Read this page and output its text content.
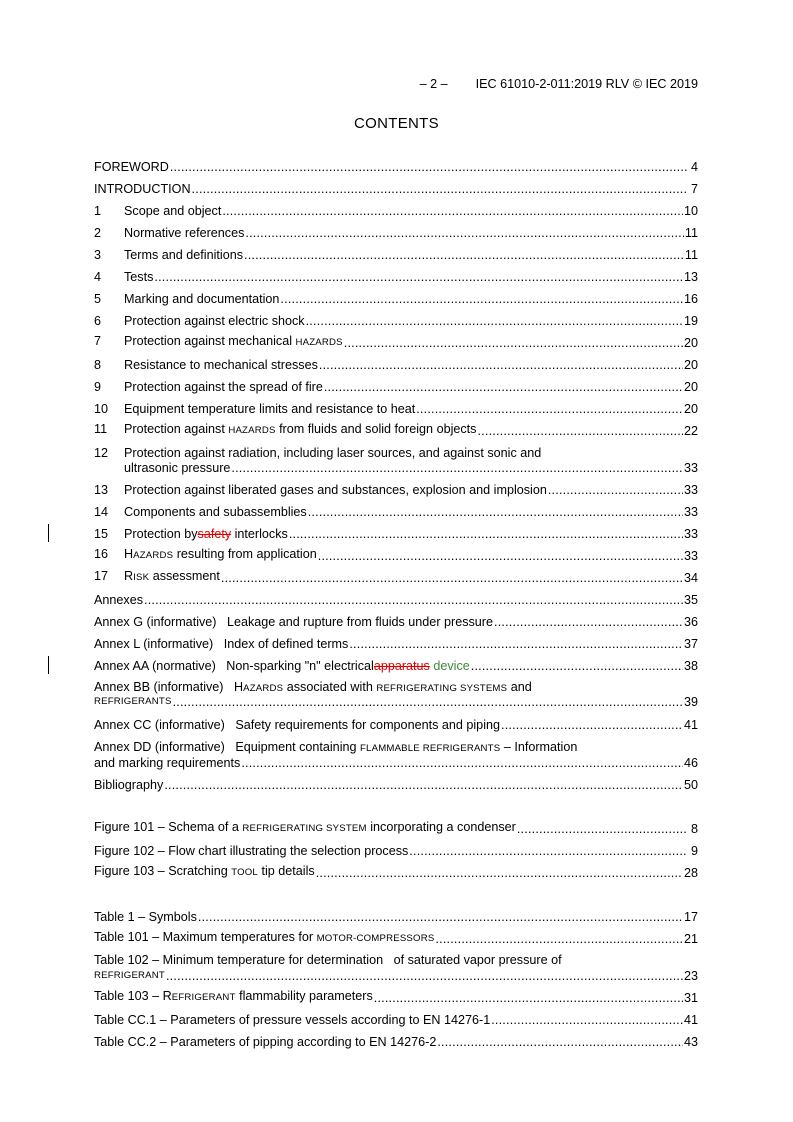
– 2 – IEC 61010-2-011:2019 RLV © IEC 2019
CONTENTS
FOREWORD .....	4
INTRODUCTION .....	7
1 Scope and object .....	10
2 Normative references .....	11
3 Terms and definitions .....	11
4 Tests .....	13
5 Marking and documentation .....	16
6 Protection against electric shock .....	19
7 Protection against mechanical HAZARDS .....	20
8 Resistance to mechanical stresses .....	20
9 Protection against the spread of fire .....	20
10 Equipment temperature limits and resistance to heat .....	20
11 Protection against HAZARDS from fluids and solid foreign objects .....	22
12 Protection against radiation, including laser sources, and against sonic and
ultrasonic pressure .....	33
13 Protection against liberated gases and substances, explosion and implosion .....	33
14 Components and subassemblies .....	33
15 Protection bysafety interlocks .....	33
16 HAZARDS resulting from application .....	33
17 RISK assessment .....	34
Annexes .....	35
Annex G (informative)   Leakage and rupture from fluids under pressure .....	36
Annex L (informative)   Index of defined terms .....	37
Annex AA (normative)   Non-sparking "n" electricalapparatus device .....	38
Annex BB (informative)   HAZARDS associated with REFRIGERATING SYSTEMS and
REFRIGERANTS .....	39
Annex CC (informative)   Safety requirements for components and piping .....	41
Annex DD (informative)   Equipment containing FLAMMABLE REFRIGERANTS – Information
and marking requirements .....	46
Bibliography .....	50
Figure 101 – Schema of a REFRIGERATING SYSTEM incorporating a condenser .....	8
Figure 102 – Flow chart illustrating the selection process .....	9
Figure 103 – Scratching TOOL tip details .....	28
Table 1 – Symbols .....	17
Table 101 – Maximum temperatures for MOTOR-COMPRESSORS .....	21
Table 102 – Minimum temperature for determination   of saturated vapor pressure of
REFRIGERANT .....	23
Table 103 – REFRIGERANT flammability parameters .....	31
Table CC.1 – Parameters of pressure vessels according to EN 14276-1 .....	41
Table CC.2 – Parameters of pipping according to EN 14276-2 .....	43
